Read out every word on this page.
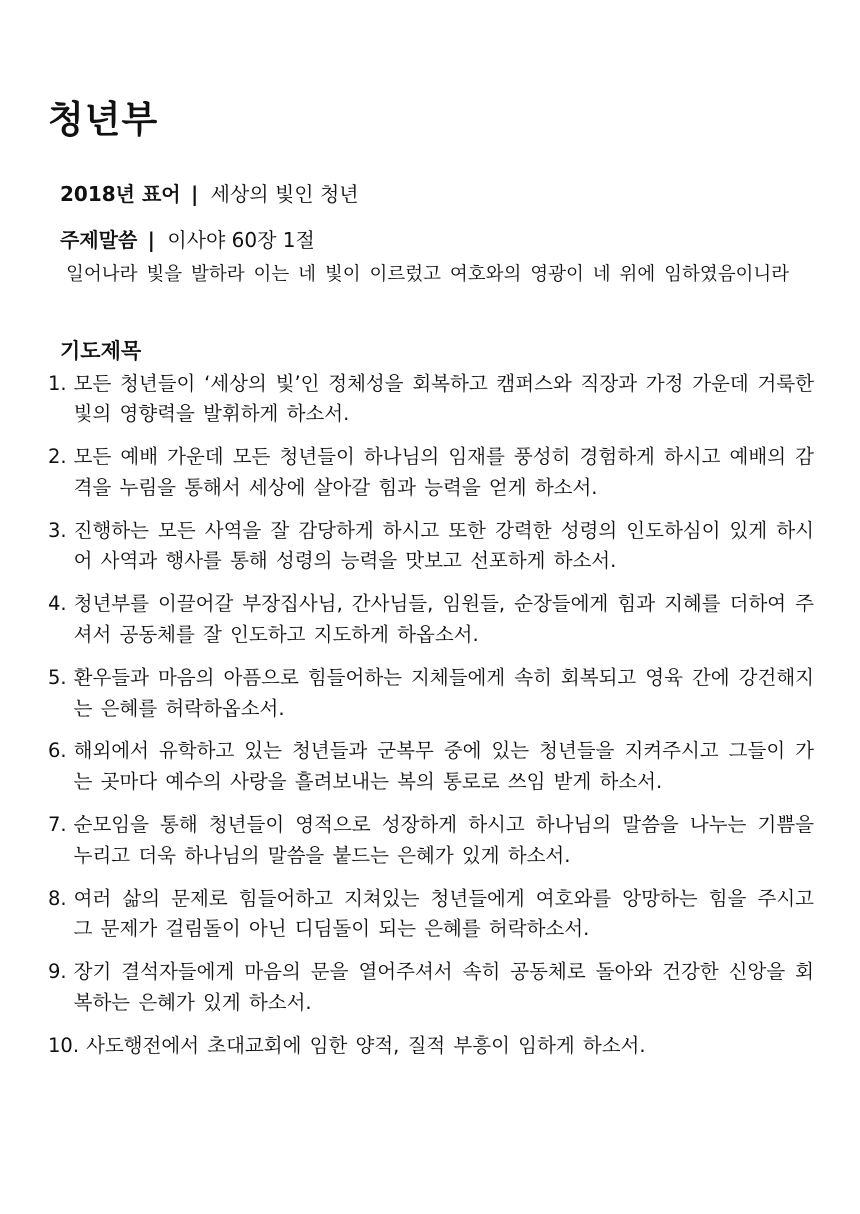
청년부
2018년 표어 | 세상의 빛인 청년
주제말씀 | 이사야 60장 1절

일어나라 빛을 발하라 이는 네 빛이 이르렀고 여호와의 영광이 네 위에 임하였음이니라

기도제목
1. 모든 청년들이 ‘세상의 빛’인 정체성을 회복하고 캠퍼스와 직장과 가정 가운데 거룩한 빛의 영향력을 발휘하게 하소서.
2. 모든 예배 가운데 모든 청년들이 하나님의 임재를 풍성히 경험하게 하시고 예배의 감격을 누림을 통해서 세상에 살아갈 힘과 능력을 얻게 하소서.
3. 진행하는 모든 사역을 잘 감당하게 하시고 또한 강력한 성령의 인도하심이 있게 하시어 사역과 행사를 통해 성령의 능력을 맛보고 선포하게 하소서.
4. 청년부를 이끌어갈 부장집사님, 간사님들, 임원들, 순장들에게 힘과 지혜를 더하여 주셔서 공동체를 잘 인도하고 지도하게 하옵소서.
5. 환우들과 마음의 아픔으로 힘들어하는 지체들에게 속히 회복되고 영육 간에 강건해지는 은혜를 허락하옵소서.
6. 해외에서 유학하고 있는 청년들과 군복무 중에 있는 청년들을 지켜주시고 그들이 가는 곳마다 예수의 사랑을 흘려보내는 복의 통로로 쓰임 받게 하소서.
7. 순모임을 통해 청년들이 영적으로 성장하게 하시고 하나님의 말씀을 나누는 기쁨을 누리고 더욱 하나님의 말씀을 붙드는 은혜가 있게 하소서.
8. 여러 삶의 문제로 힘들어하고 지쳐있는 청년들에게 여호와를 앙망하는 힘을 주시고 그 문제가 걸림돌이 아닌 디딤돌이 되는 은혜를 허락하소서.
9. 장기 결석자들에게 마음의 문을 열어주셔서 속히 공동체로 돌아와 건강한 신앙을 회복하는 은혜가 있게 하소서.
10. 사도행전에서 초대교회에 임한 양적, 질적 부흥이 임하게 하소서.
